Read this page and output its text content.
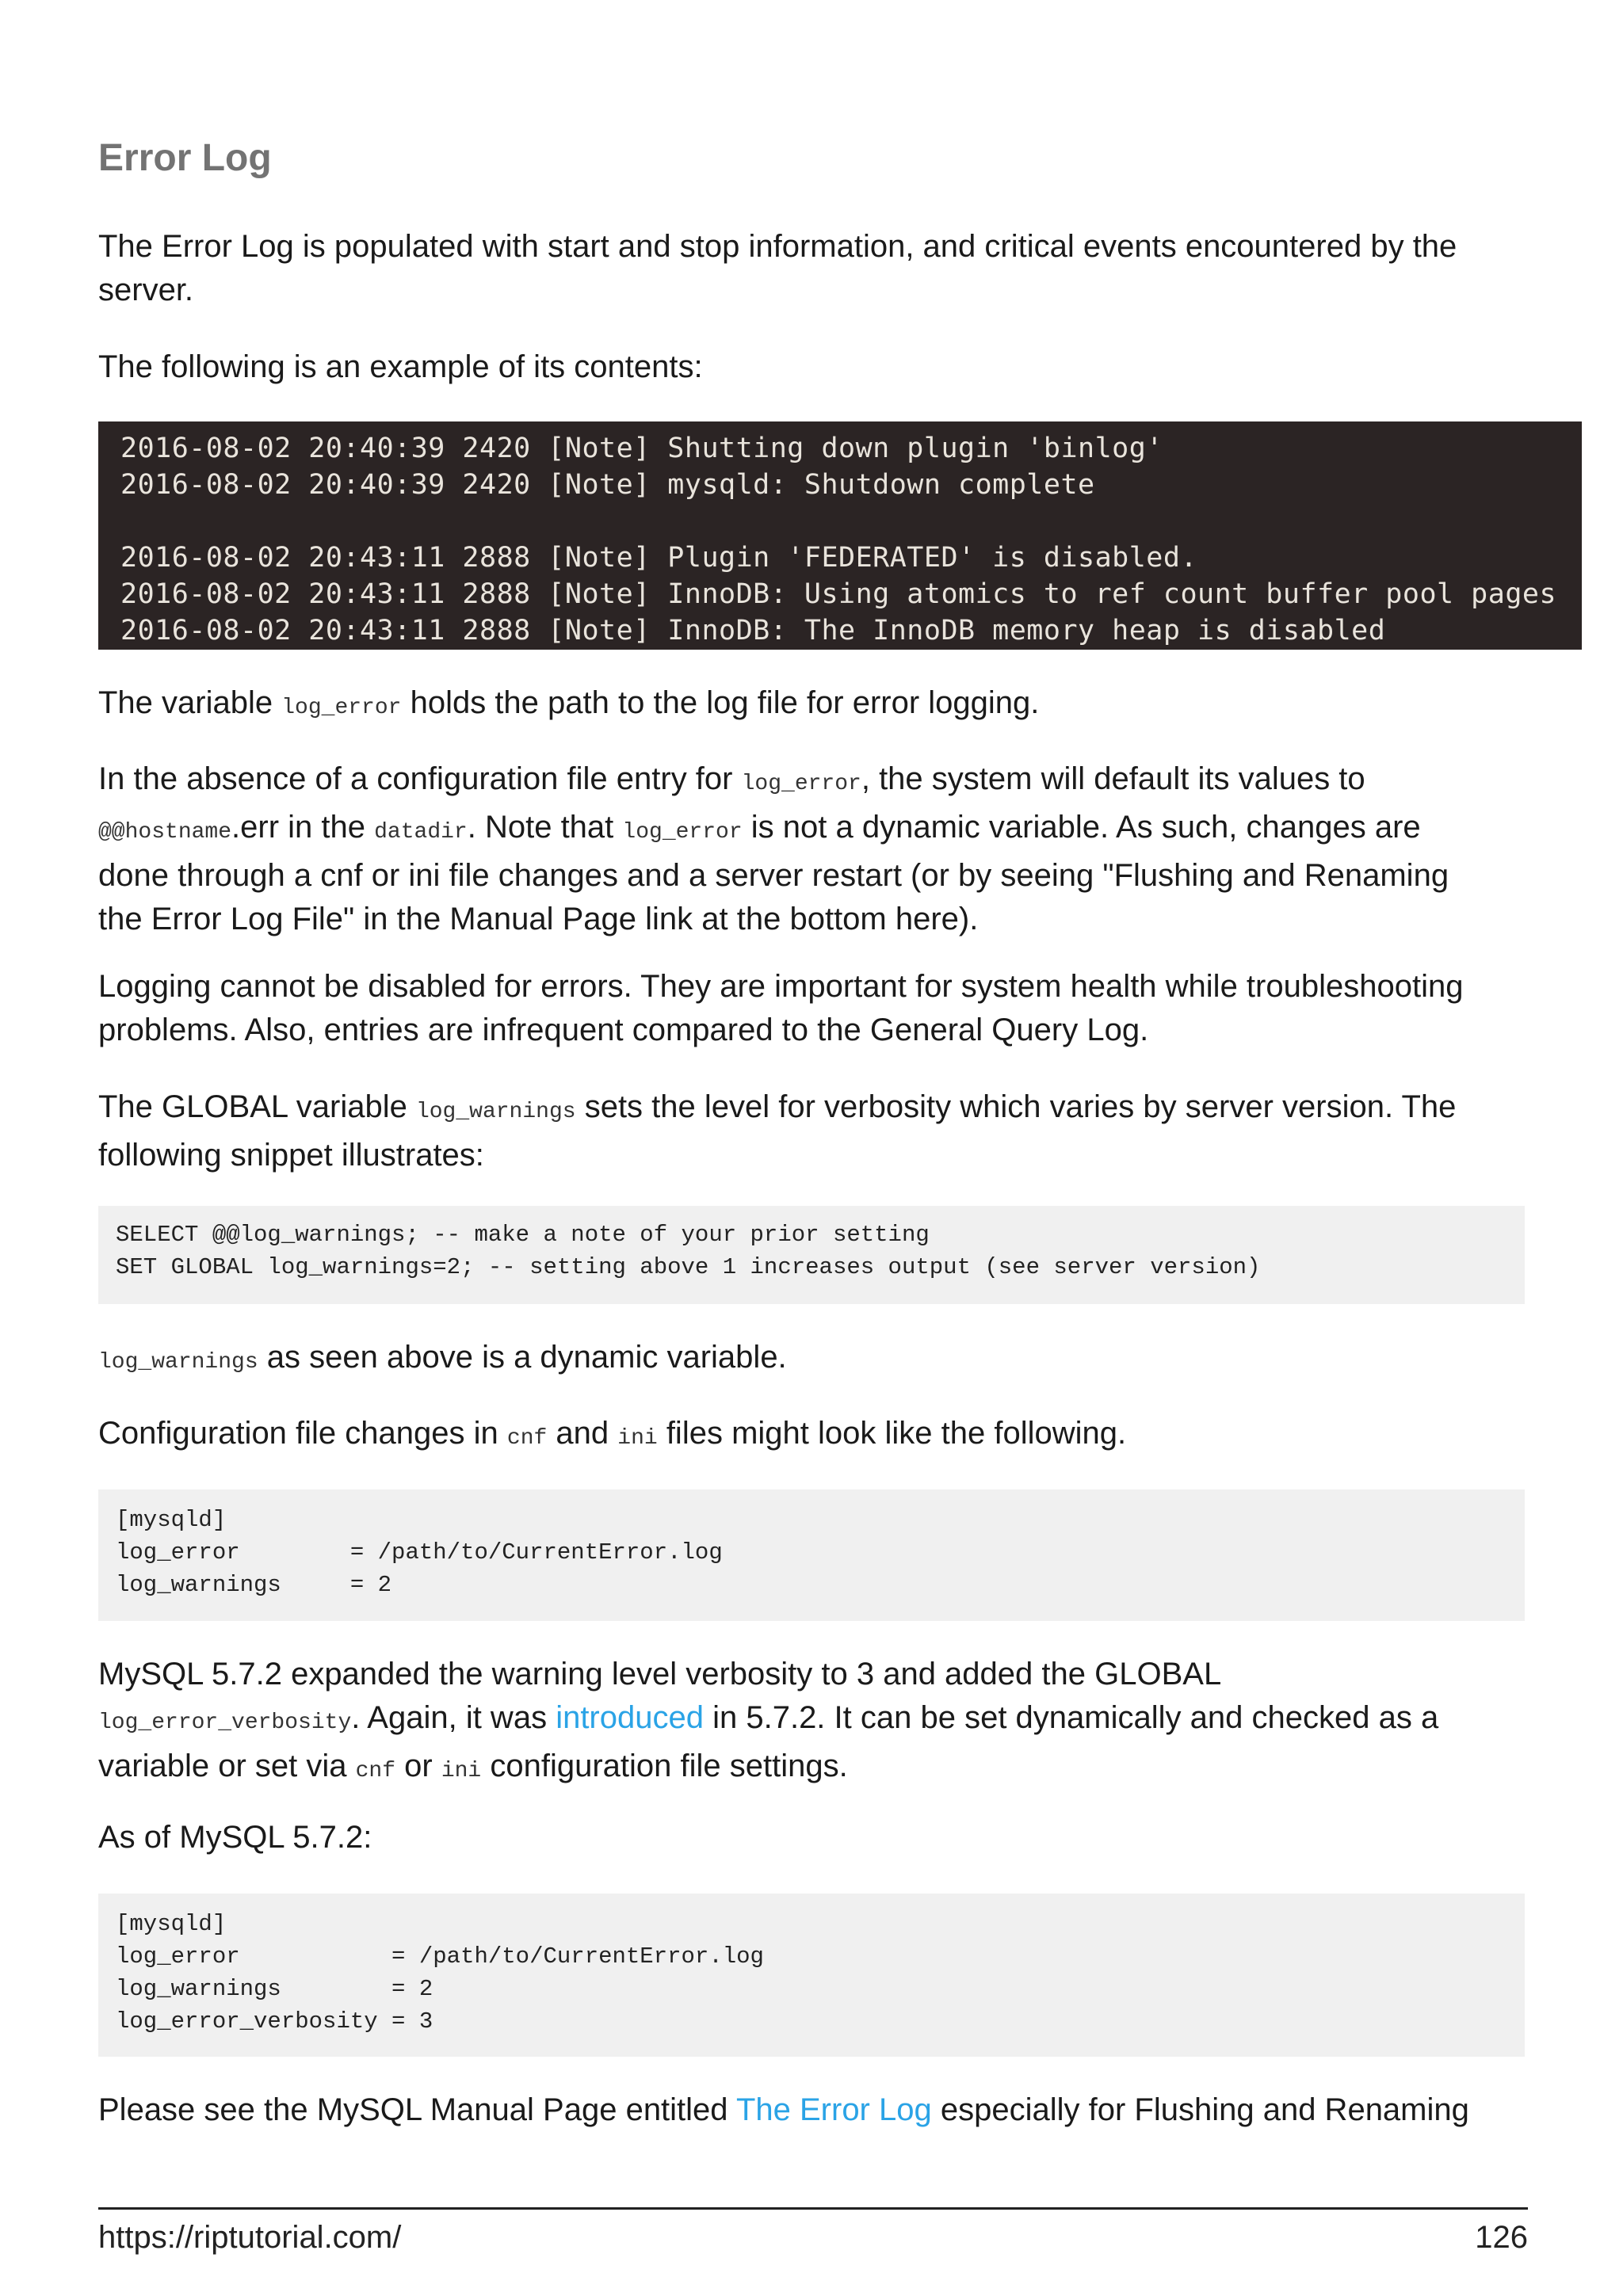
Error Log

The Error Log is populated with start and stop information, and critical events encountered by the server.

The following is an example of its contents:

2016-08-02 20:40:39 2420 [Note] Shutting down plugin 'binlog'
2016-08-02 20:40:39 2420 [Note] mysqld: Shutdown complete
2016-08-02 20:43:11 2888 [Note] Plugin 'FEDERATED' is disabled.
2016-08-02 20:43:11 2888 [Note] InnoDB: Using atomics to ref count buffer pool pages
2016-08-02 20:43:11 2888 [Note] InnoDB: The InnoDB memory heap is disabled

The variable log_error holds the path to the log file for error logging.

In the absence of a configuration file entry for log_error, the system will default its values to
@@hostname.err in the datadir. Note that log_error is not a dynamic variable. As such, changes are
done through a cnf or ini file changes and a server restart (or by seeing "Flushing and Renaming
the Error Log File" in the Manual Page link at the bottom here).

Logging cannot be disabled for errors. They are important for system health while troubleshooting
problems. Also, entries are infrequent compared to the General Query Log.

The GLOBAL variable log_warnings sets the level for verbosity which varies by server version. The
following snippet illustrates:

SELECT @@log_warnings; -- make a note of your prior setting
SET GLOBAL log_warnings=2; -- setting above 1 increases output (see server version)

log_warnings as seen above is a dynamic variable.

Configuration file changes in cnf and ini files might look like the following.

[mysqld]
log_error        = /path/to/CurrentError.log
log_warnings     = 2

MySQL 5.7.2 expanded the warning level verbosity to 3 and added the GLOBAL
log_error_verbosity. Again, it was introduced in 5.7.2. It can be set dynamically and checked as a
variable or set via cnf or ini configuration file settings.

As of MySQL 5.7.2:

[mysqld]
log_error           = /path/to/CurrentError.log
log_warnings        = 2
log_error_verbosity = 3

Please see the MySQL Manual Page entitled The Error Log especially for Flushing and Renaming

https://riptutorial.com/	126
